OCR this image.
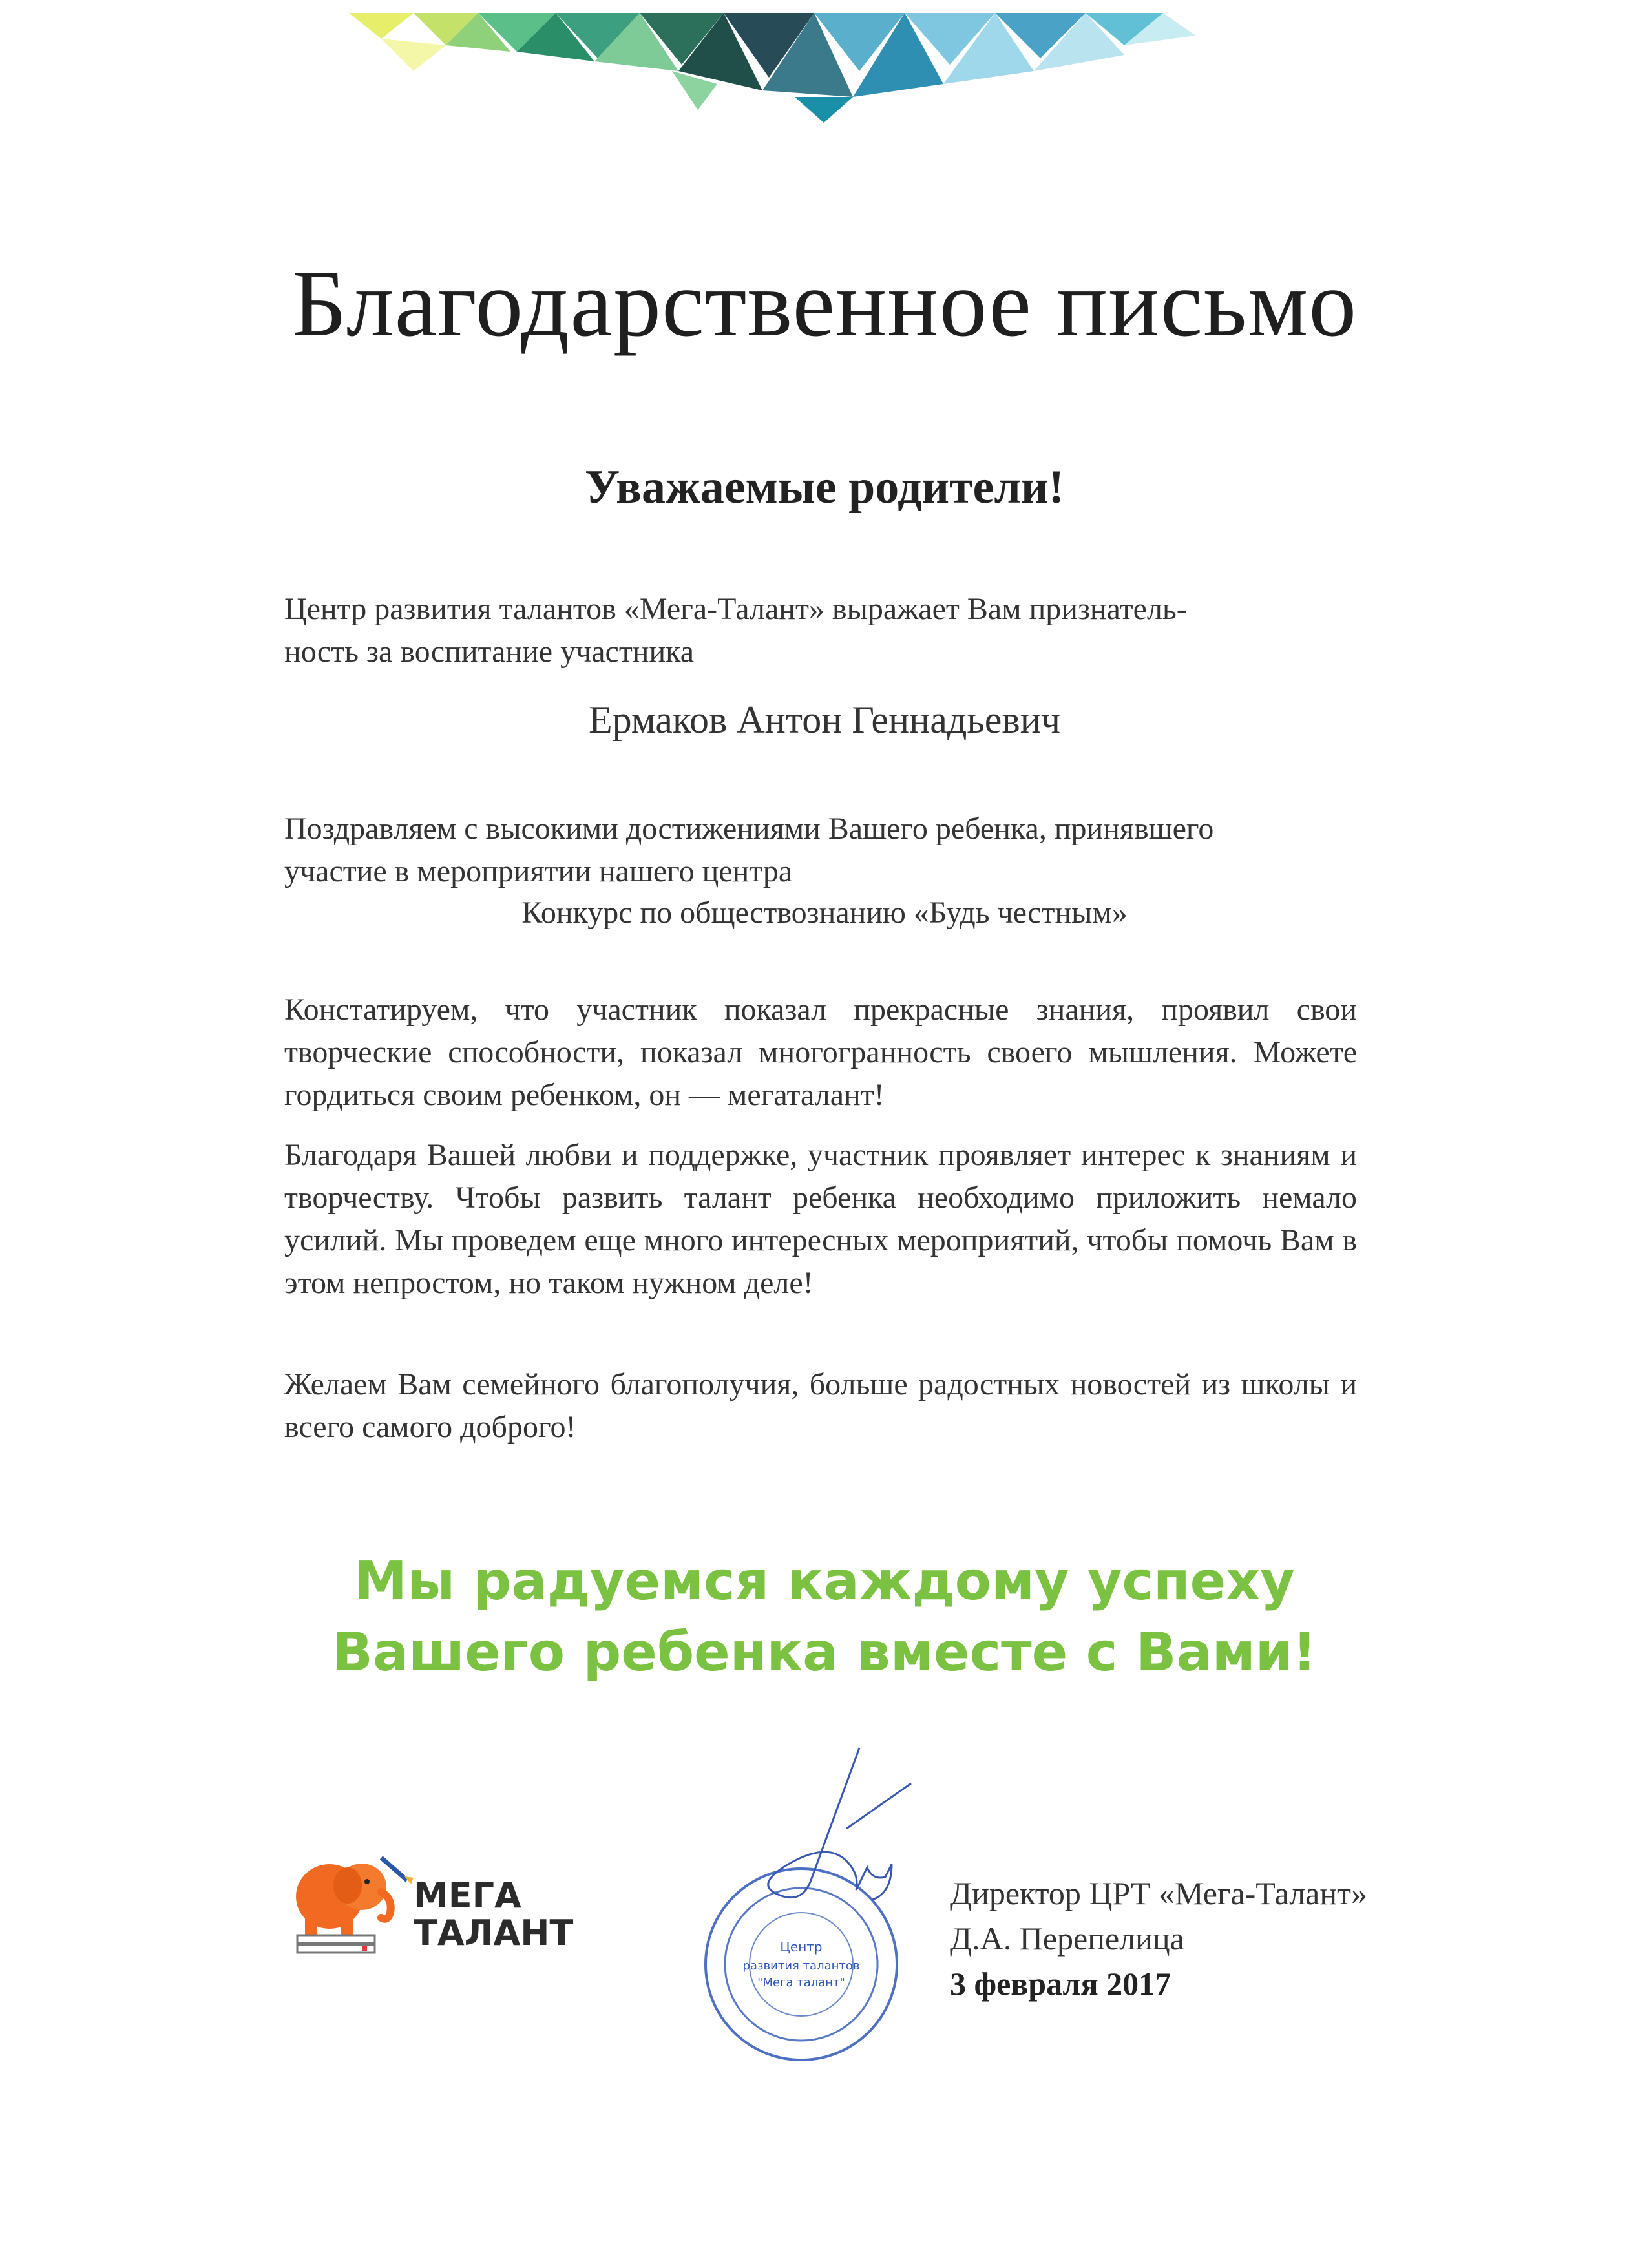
Благодарственное письмо
Уважаемые родители!
Центр развития талантов «Мега-Талант» выражает Вам признатель-
ность за воспитание участника
Ермаков Антон Геннадьевич
Поздравляем с высокими достижениями Вашего ребенка, принявшего
участие в мероприятии нашего центра
Конкурс по обществознанию «Будь честным»
Констатируем, что участник показал прекрасные знания, проявил свои творческие способности, показал многогранность своего мышления. Можете гордиться своим ребенком, он — мегаталант!
Благодаря Вашей любви и поддержке, участник проявляет интерес к знаниям и творчеству. Чтобы развить талант ребенка необходимо приложить немало усилий. Мы проведем еще много интересных мероприятий, чтобы помочь Вам в этом непростом, но таком нужном деле!
Желаем Вам семейного благополучия, больше радостных новостей из школы и всего самого доброго!
Мы радуемся каждому успеху
Вашего ребенка вместе с Вами!
МЕГА
ТАЛАНТ	Центр
развития талантов
"Мега талант"
Директор ЦРТ «Мега-Талант»
Д.А. Перепелица
3 февраля 2017
